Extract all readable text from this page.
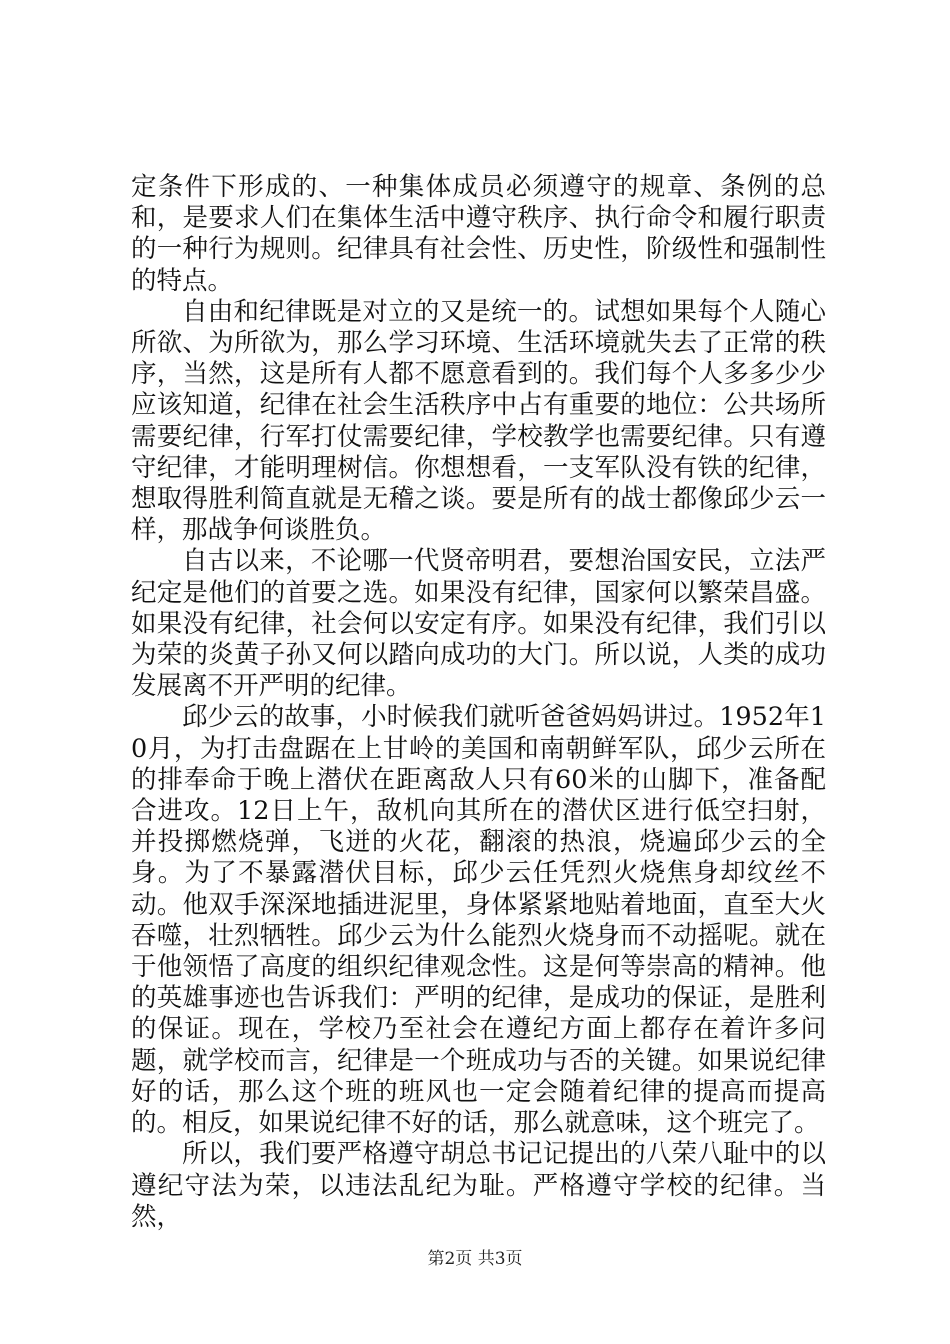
定条件下形成的、一种集体成员必须遵守的规章、条例的总和，是要求人们在集体生活中遵守秩序、执行命令和履行职责的一种行为规则。纪律具有社会性、历史性，阶级性和强制性的特点。

自由和纪律既是对立的又是统一的。试想如果每个人随心所欲、为所欲为，那么学习环境、生活环境就失去了正常的秩序，当然，这是所有人都不愿意看到的。我们每个人多多少少应该知道，纪律在社会生活秩序中占有重要的地位：公共场所需要纪律，行军打仗需要纪律，学校教学也需要纪律。只有遵守纪律，才能明理树信。你想想看，一支军队没有铁的纪律，想取得胜利简直就是无稽之谈。要是所有的战士都像邱少云一样，那战争何谈胜负。

自古以来，不论哪一代贤帝明君，要想治国安民，立法严纪定是他们的首要之选。如果没有纪律，国家何以繁荣昌盛。如果没有纪律，社会何以安定有序。如果没有纪律，我们引以为荣的炎黄子孙又何以踏向成功的大门。所以说，人类的成功发展离不开严明的纪律。

邱少云的故事，小时候我们就听爸爸妈妈讲过。1952年10月，为打击盘踞在上甘岭的美国和南朝鲜军队，邱少云所在的排奉命于晚上潜伏在距离敌人只有60米的山脚下，准备配合进攻。12日上午，敌机向其所在的潜伏区进行低空扫射，并投掷燃烧弹，飞迸的火花，翻滚的热浪，烧遍邱少云的全身。为了不暴露潜伏目标，邱少云任凭烈火烧焦身却纹丝不动。他双手深深地插进泥里，身体紧紧地贴着地面，直至大火吞噬，壮烈牺牲。邱少云为什么能烈火烧身而不动摇呢。就在于他领悟了高度的组织纪律观念性。这是何等崇高的精神。他的英雄事迹也告诉我们：严明的纪律，是成功的保证，是胜利的保证。现在，学校乃至社会在遵纪方面上都存在着许多问题，就学校而言，纪律是一个班成功与否的关键。如果说纪律好的话，那么这个班的班风也一定会随着纪律的提高而提高的。相反，如果说纪律不好的话，那么就意味，这个班完了。

所以，我们要严格遵守胡总书记记提出的八荣八耻中的以遵纪守法为荣，以违法乱纪为耻。严格遵守学校的纪律。当然，

第2页 共3页
